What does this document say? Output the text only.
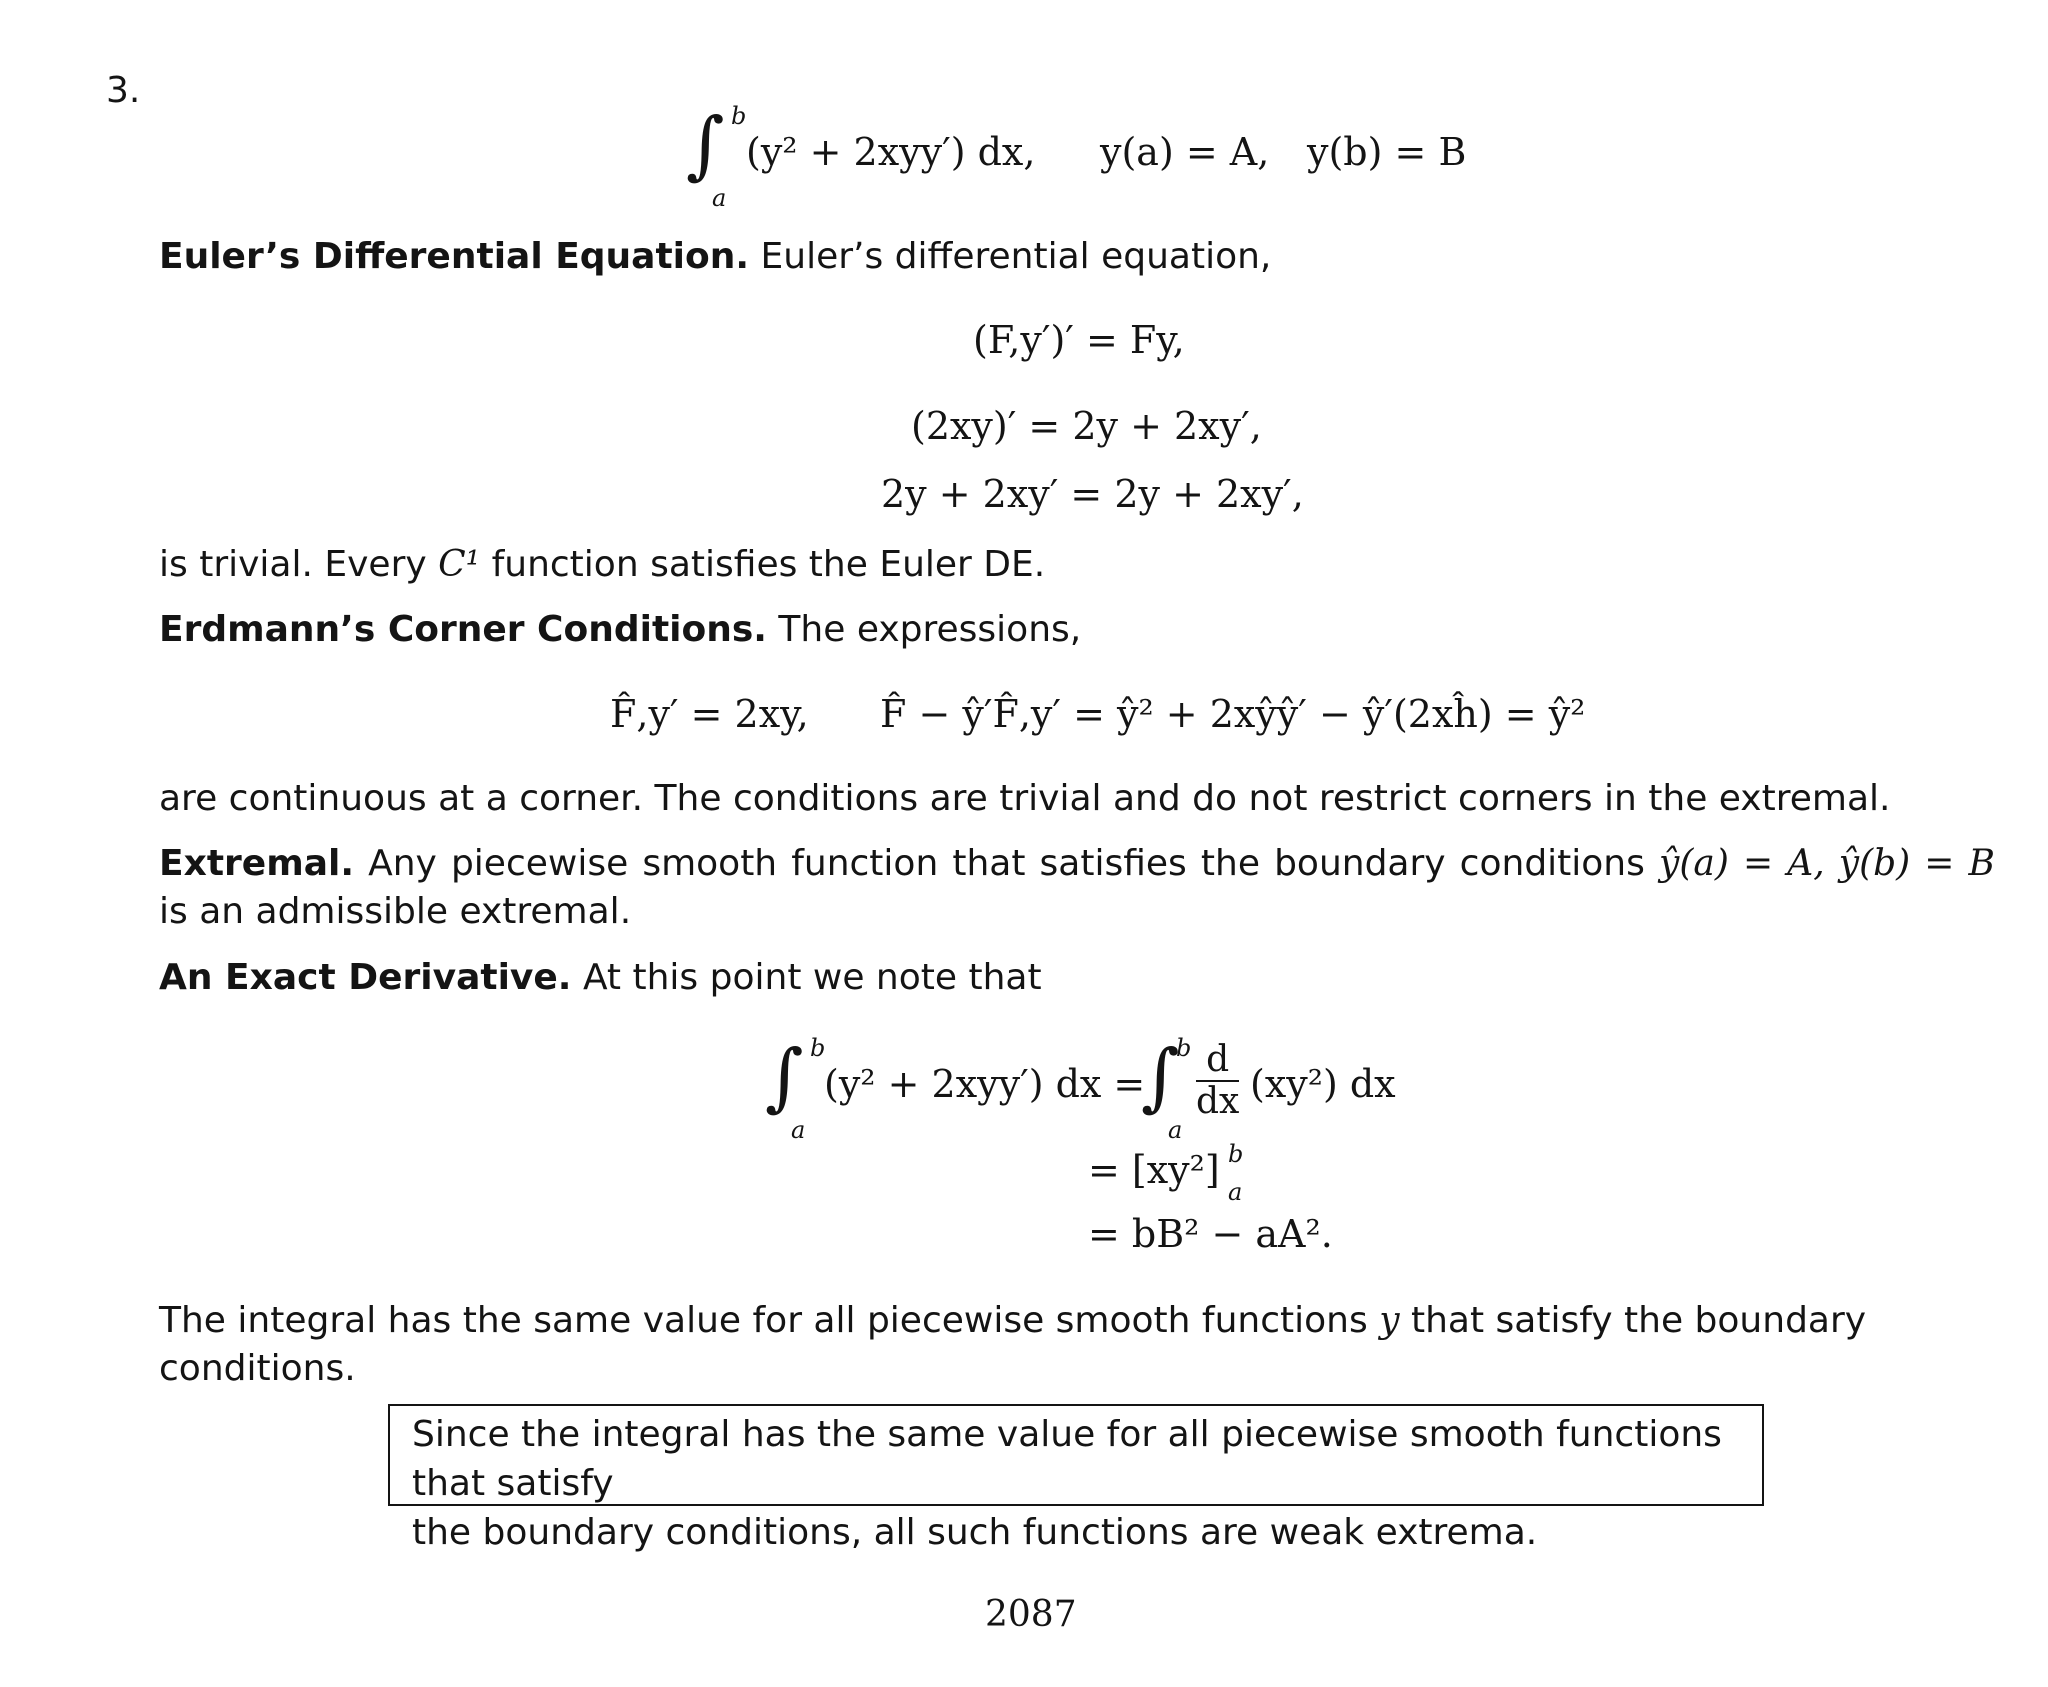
3.
∫ b
a
(y² + 2xyy′) dx, y(a) = A, y(b) = B
Euler’s Differential Equation. Euler’s differential equation,
(F,y′)′ = Fy,
(2xy)′ = 2y + 2xy′,
2y + 2xy′ = 2y + 2xy′,
is trivial. Every C¹ function satisfies the Euler DE.
Erdmann’s Corner Conditions. The expressions,
F̂,y′ = 2xy, F̂ − ŷ′F̂,y′ = ŷ² + 2xŷŷ′ − ŷ′(2xĥ) = ŷ²
are continuous at a corner. The conditions are trivial and do not restrict corners in the extremal.
Extremal. Any piecewise smooth function that satisfies the boundary conditions ŷ(a) = A, ŷ(b) = B is an admissible extremal.
An Exact Derivative. At this point we note that
∫ b
a
(y² + 2xyy′) dx =
∫
b
a
$\frac{d}{dx} (xy^2)$ dx
= [xy²] b
a
= bB² − aA².
The integral has the same value for all piecewise smooth functions y that satisfy the boundary conditions.

Since the integral has the same value for all piecewise smooth functions that satisfy
the boundary conditions, all such functions are weak extrema.

2087
